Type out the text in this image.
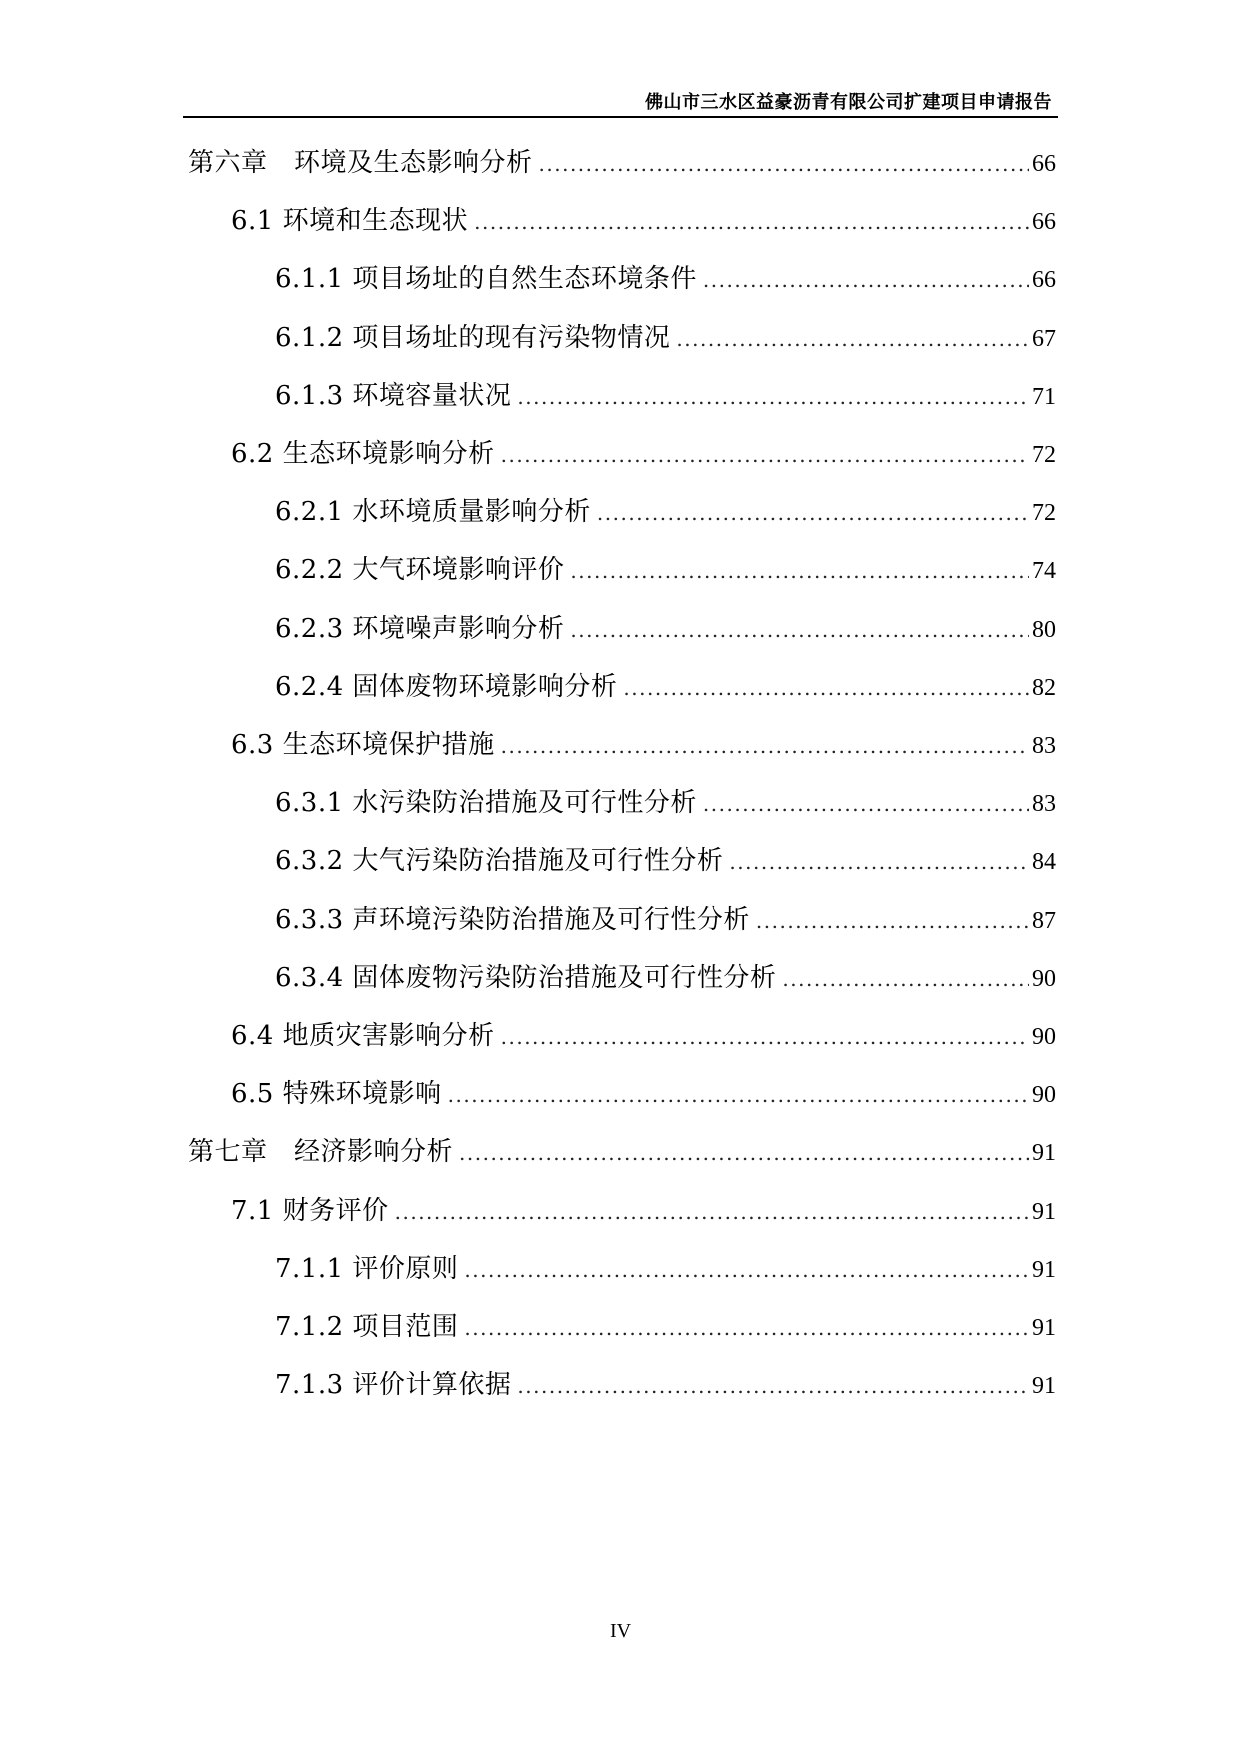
佛山市三水区益豪沥青有限公司扩建项目申请报告
第六章　环境及生态影响分析 .....	66
6.1 环境和生态现状 .....	66
6.1.1 项目场址的自然生态环境条件 .....	66
6.1.2 项目场址的现有污染物情况 .....	67
6.1.3 环境容量状况 .....	71
6.2 生态环境影响分析 .....	72
6.2.1 水环境质量影响分析 .....	72
6.2.2 大气环境影响评价 .....	74
6.2.3 环境噪声影响分析 .....	80
6.2.4 固体废物环境影响分析 .....	82
6.3 生态环境保护措施 .....	83
6.3.1 水污染防治措施及可行性分析 .....	83
6.3.2 大气污染防治措施及可行性分析 .....	84
6.3.3 声环境污染防治措施及可行性分析 .....	87
6.3.4 固体废物污染防治措施及可行性分析 .....	90
6.4 地质灾害影响分析 .....	90
6.5 特殊环境影响 .....	90
第七章　经济影响分析 .....	91
7.1 财务评价 .....	91
7.1.1 评价原则 .....	91
7.1.2 项目范围 .....	91
7.1.3 评价计算依据 .....	91
IV
